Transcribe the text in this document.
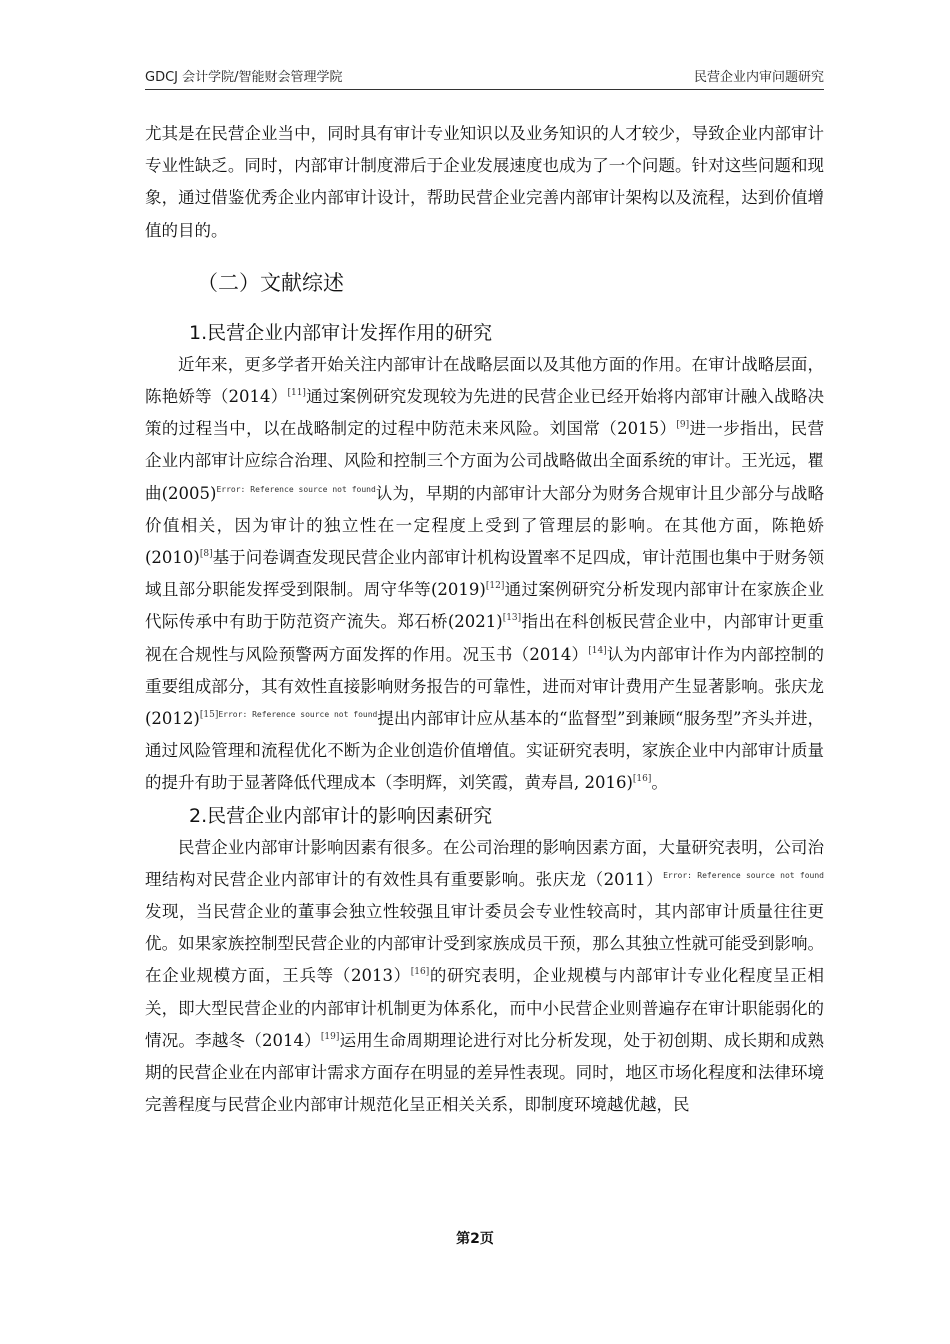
GDCJ 会计学院/智能财会管理学院	民营企业内审问题研究

尤其是在民营企业当中，同时具有审计专业知识以及业务知识的人才较少，导致企业内部审计专业性缺乏。同时，内部审计制度滞后于企业发展速度也成为了一个问题。针对这些问题和现象，通过借鉴优秀企业内部审计设计，帮助民营企业完善内部审计架构以及流程，达到价值增值的目的。

（二）文献综述
1.民营企业内部审计发挥作用的研究

近年来，更多学者开始关注内部审计在战略层面以及其他方面的作用。在审计战略层面，陈艳娇等（2014）[11]通过案例研究发现较为先进的民营企业已经开始将内部审计融入战略决策的过程当中，以在战略制定的过程中防范未来风险。刘国常（2015）[9]进一步指出，民营企业内部审计应综合治理、风险和控制三个方面为公司战略做出全面系统的审计。王光远，瞿曲$(2005)^{Error: Reference source not found}$认为，早期的内部审计大部分为财务合规审计且少部分与战略价值相关，因为审计的独立性在一定程度上受到了管理层的影响。在其他方面，陈艳娇(2010)[8]基于问卷调查发现民营企业内部审计机构设置率不足四成，审计范围也集中于财务领域且部分职能发挥受到限制。周守华等(2019)[12]通过案例研究分析发现内部审计在家族企业代际传承中有助于防范资产流失。郑石桥(2021)[13]指出在科创板民营企业中，内部审计更重视在合规性与风险预警两方面发挥的作用。况玉书（2014）[14]认为内部审计作为内部控制的重要组成部分，其有效性直接影响财务报告的可靠性，进而对审计费用产生显著影响。张庆龙$(2012)^{[15]Error: Reference source not found}$提出内部审计应从基本的“监督型”到兼顾“服务型”齐头并进，通过风险管理和流程优化不断为企业创造价值增值。实证研究表明，家族企业中内部审计质量的提升有助于显著降低代理成本（李明辉，刘笑霞，黄寿昌, 2016)[16]。

2.民营企业内部审计的影响因素研究

民营企业内部审计影响因素有很多。在公司治理的影响因素方面，大量研究表明，公司治理结构对民营企业内部审计的有效性具有重要影响。张庆龙$(2011)^{Error: Reference source not found}$发现，当民营企业的董事会独立性较强且审计委员会专业性较高时，其内部审计质量往往更优。如果家族控制型民营企业的内部审计受到家族成员干预，那么其独立性就可能受到影响。在企业规模方面，王兵等（2013）[16]的研究表明，企业规模与内部审计专业化程度呈正相关，即大型民营企业的内部审计机制更为体系化，而中小民营企业则普遍存在审计职能弱化的情况。李越冬（2014）[19]运用生命周期理论进行对比分析发现，处于初创期、成长期和成熟期的民营企业在内部审计需求方面存在明显的差异性表现。同时，地区市场化程度和法律环境完善程度与民营企业内部审计规范化呈正相关关系，即制度环境越优越，民

第2页
